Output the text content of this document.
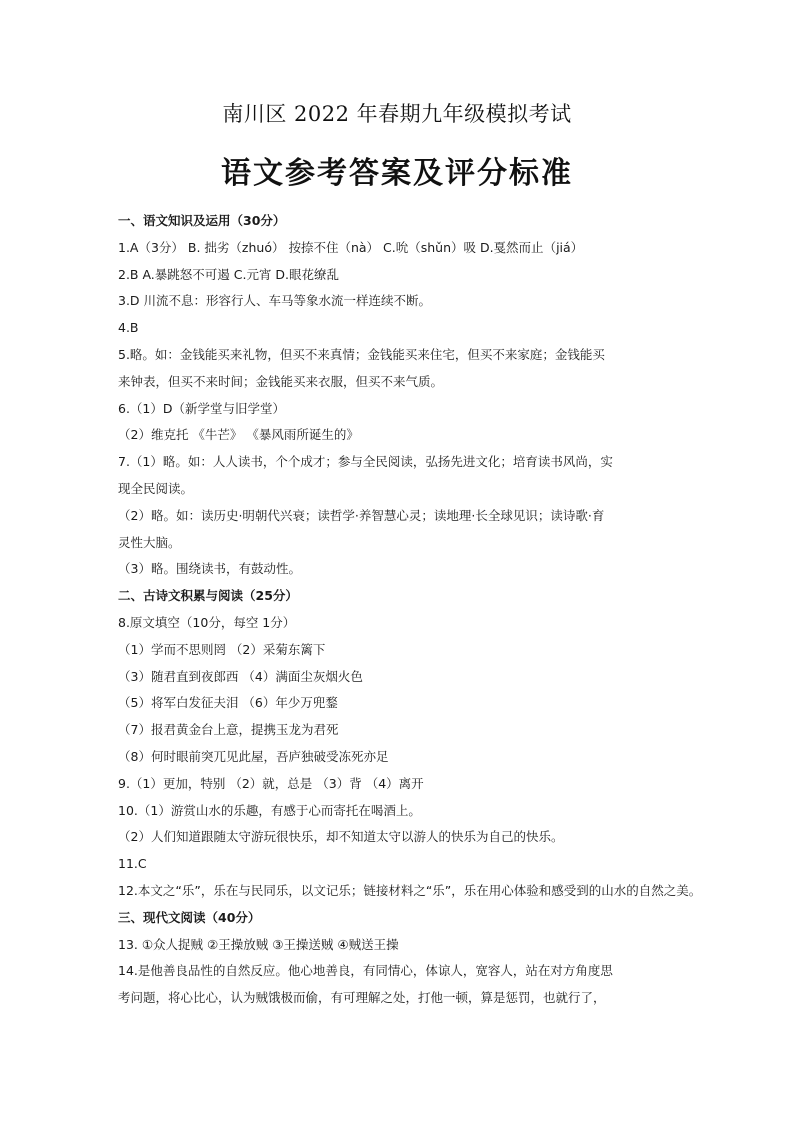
南川区 2022 年春期九年级模拟考试
语文参考答案及评分标准
一、语文知识及运用（30分）
1.A（3分） B. 拙劣（zhuó） 按捺不住（nà） C.吮（shǔn）吸 D.戛然而止（jiá）
2.B A.暴跳怒不可遏 C.元宵 D.眼花缭乱
3.D 川流不息：形容行人、车马等象水流一样连续不断。
4.B
5.略。如：金钱能买来礼物，但买不来真情；金钱能买来住宅，但买不来家庭；金钱能买
来钟表，但买不来时间；金钱能买来衣服，但买不来气质。
6.（1）D（新学堂与旧学堂）
（2）维克托 《牛芒》 《暴风雨所诞生的》
7.（1）略。如：人人读书，个个成才；参与全民阅读，弘扬先进文化；培育读书风尚，实
现全民阅读。
（2）略。如：读历史·明朝代兴衰；读哲学·养智慧心灵；读地理·长全球见识；读诗歌·育
灵性大脑。
（3）略。围绕读书，有鼓动性。
二、古诗文积累与阅读（25分）
8.原文填空（10分，每空 1分）
（1）学而不思则罔 （2）采菊东篱下
（3）随君直到夜郎西 （4）满面尘灰烟火色
（5）将军白发征夫泪 （6）年少万兜鍪
（7）报君黄金台上意，提携玉龙为君死
（8）何时眼前突兀见此屋，吾庐独破受冻死亦足
9.（1）更加，特别 （2）就，总是 （3）背 （4）离开
10.（1）游赏山水的乐趣，有感于心而寄托在喝酒上。
（2）人们知道跟随太守游玩很快乐，却不知道太守以游人的快乐为自己的快乐。
11.C
12.本文之“乐”，乐在与民同乐，以文记乐；链接材料之“乐”，乐在用心体验和感受到的山水的自然之美。
三、现代文阅读（40分）
13. ①众人捉贼 ②王操放贼 ③王操送贼 ④贼送王操
14.是他善良品性的自然反应。他心地善良，有同情心，体谅人，宽容人，站在对方角度思
考问题，将心比心，认为贼饿极而偷，有可理解之处，打他一顿，算是惩罚，也就行了，
